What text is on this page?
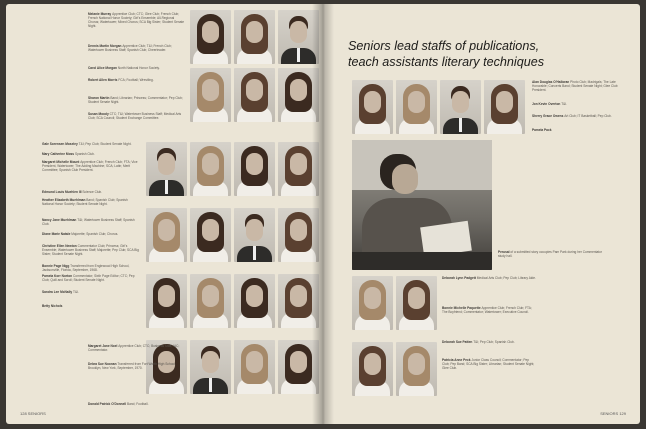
Melanie Murray Apprentice Club; CTC; Glee Club; French Club; French National Honor Society; Girl's Ensemble; All-Regional Chorus; Watertower; Mixed Chorus; SCA Big Sister; Student Senate Night.
Dennis Martin Morgan Apprentice Club; T&I; French Club; Watertower Business Staff; Spanish Club; Cheerleader.
Carol Alice Morgan North National Honor Society.
Robert Allen Morris FCA; Football; Wrestling.
Sharon Martin Band; Librarian; Princess; Commentator; Pep Club; Student Senate Night.
Susan Moody CTC; T&I; Watertower Business Staff; Medical Arts Club; SCA Council; Student Exchange Committee.
Gale Sorensen Moseley T&I; Pep Club; Student Senate Night.
Mary Catherine Moss Spanish Club.
Margaret Michelle Mount Apprentice Club; French Club; FTA; Vice President, Watertower; The Adding Machine; SCA; Latin; Merit Committee; Spanish Club President.
Edmund Louis Muehlen III Science Club.
Heather Elizabeth Muehlman Band; Spanish Club; Spanish National Honor Society; Student Senate Night.
Nancy Jane Muehlman T&I; Watertower Business Staff; Spanish Club.
Diane Marie Natale Majorette; Spanish Club; Chorus.
Christine Ellen Newton Commentator Club; Princess; Girl's Ensemble; Watertower Business Staff; Majorette; Pep Club; SCA Big Sister; Student Senate Night.
Bonnie Page Nigg Transferred from Englewood High School, Jacksonville, Florida, September, 1968.
Pamela Korr Norton Commentator; Sixth Page Editor; CTC; Pep Club; Quill and Scroll; Student Senate Night.
Sandra Lee McNally T&I.
Betty Nichols
Margaret Jane Noel Apprentice Club; CTC; Business Staff; IAC; Commentator.
Debra Sue Noonan Transferred from Fort Worth High School, Brooklyn, New York, September, 1970.
Donald Patrick O'Donnell Band; Football.
128 SENIORS
Seniors lead staffs of publications,
teach assistants literary techniques
Perusal of a submitted story occupies Pam Park during her Commentator study hall.
Alan Douglas O'Halloran Photo Club; Madrigals; The Late Honorable; Concerts Band; Student Senate Night; Glee Club President.
Jon Kevin Overton T&I.
Sherry Grace Owens Art Club; IT Basketball; Pep Club.
Pamela Pack
Deborah Lynn Padgett Medical Arts Club; Pep Club; Library Aide.
Bonnie Michelle Paquette Apprentice Club; French Club; FTA; The Boyfriend; Commentator; Watertower; Executive Council.
Deborah Sue Patten T&I; Pep Club; Spanish Club.
Patricia Anne Peck Junior Class Council; Commentator; Pep Club; Pep Band; SCA Big Sister; Librarian; Student Senate Night; Glee Club.
SENIORS 129
